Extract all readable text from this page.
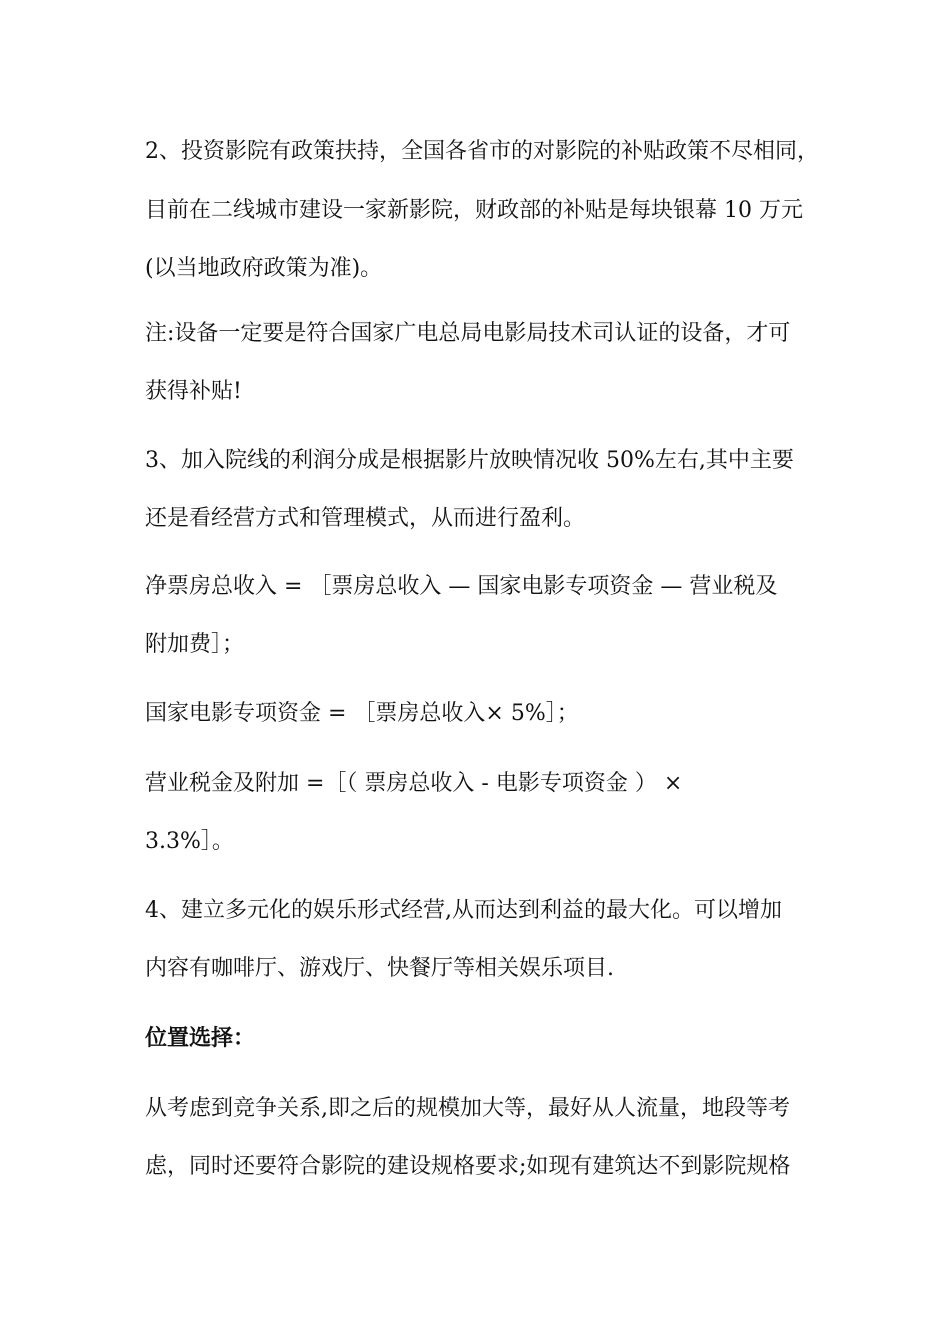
2、投资影院有政策扶持，全国各省市的对影院的补贴政策不尽相同，
目前在二线城市建设一家新影院，财政部的补贴是每块银幕 10 万元
(以当地政府政策为准)。
注:设备一定要是符合国家广电总局电影局技术司认证的设备，才可
获得补贴!
3、加入院线的利润分成是根据影片放映情况收 50%左右,其中主要
还是看经营方式和管理模式，从而进行盈利。
净票房总收入 = ［票房总收入 — 国家电影专项资金 — 营业税及
附加费］；
国家电影专项资金 = ［票房总收入× 5%］；
营业税金及附加 =［（ 票房总收入 - 电影专项资金 ） ×
3.3%］。
4、建立多元化的娱乐形式经营,从而达到利益的最大化。可以增加
内容有咖啡厅、游戏厅、快餐厅等相关娱乐项目.
位置选择：
从考虑到竞争关系,即之后的规模加大等，最好从人流量，地段等考
虑，同时还要符合影院的建设规格要求;如现有建筑达不到影院规格
